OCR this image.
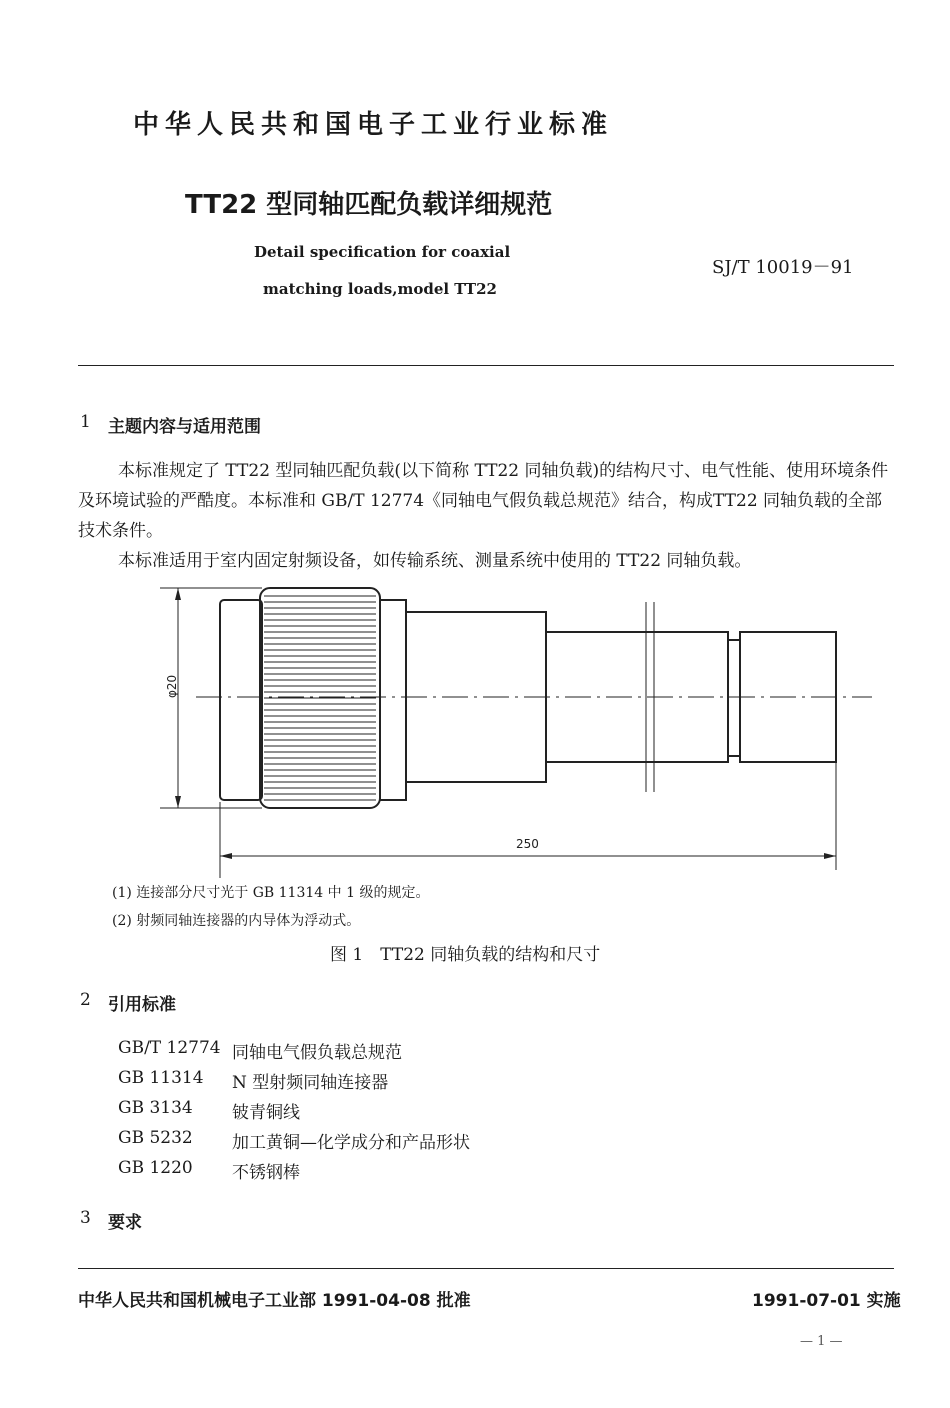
中华人民共和国电子工业行业标准
TT22 型同轴匹配负载详细规范
Detail specification for coaxial
matching loads,model TT22
SJ/T 10019－91
1 主题内容与适用范围

本标准规定了 TT22 型同轴匹配负载(以下简称 TT22 同轴负载)的结构尺寸、电气性能、使用环境条件及环境试验的严酷度。本标准和 GB/T 12774《同轴电气假负载总规范》结合，构成TT22 同轴负载的全部技术条件。

本标准适用于室内固定射频设备，如传输系统、测量系统中使用的 TT22 同轴负载。

φ20
250
(1) 连接部分尺寸光于 GB 11314 中 1 级的规定。
(2) 射频同轴连接器的内导体为浮动式。
图 1　TT22 同轴负载的结构和尺寸
2 引用标准
GB/T 12774 同轴电气假负载总规范
GB 11314 N 型射频同轴连接器
GB 3134 铍青铜线
GB 5232 加工黄铜—化学成分和产品形状
GB 1220 不锈钢棒
3 要求
中华人民共和国机械电子工业部 1991-04-08 批准	1991-07-01 实施
— 1 —
